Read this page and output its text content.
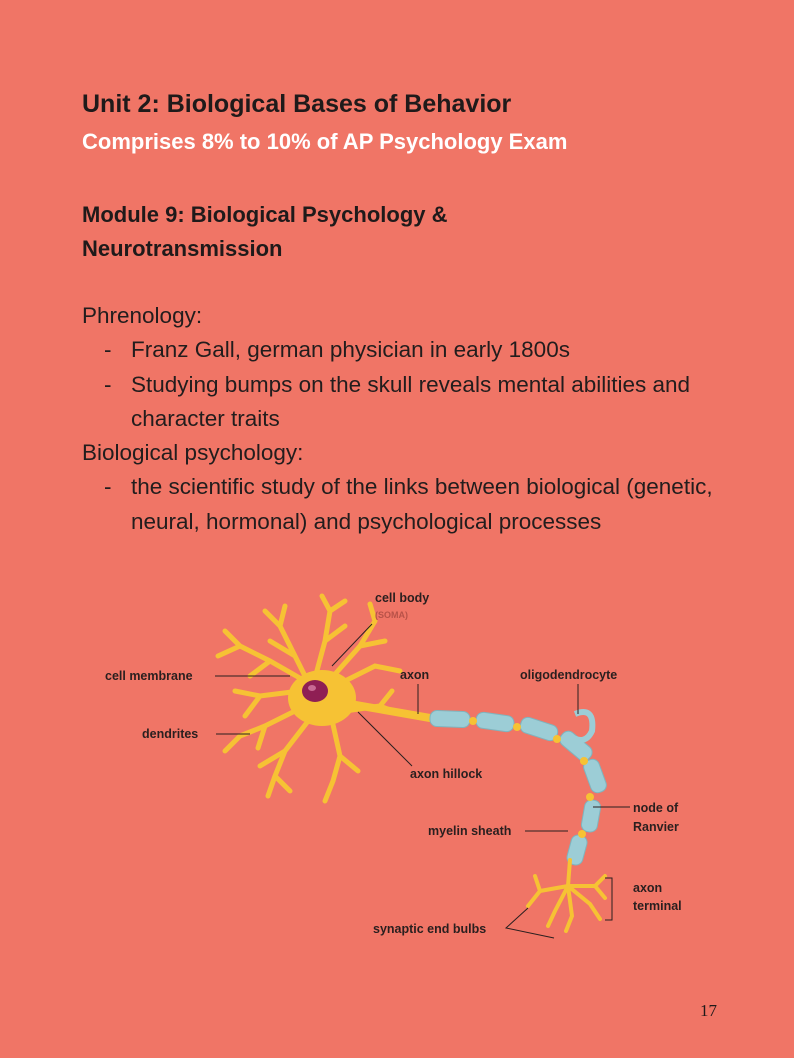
Unit 2: Biological Bases of Behavior
Comprises 8% to 10% of AP Psychology Exam
Module 9: Biological Psychology &
Neurotransmission

Phrenology:

- Franz Gall, german physician in early 1800s
- Studying bumps on the skull reveals mental abilities and character traits

Biological psychology:

- the scientific study of the links between biological (genetic, neural, hormonal) and psychological processes
cell body
(SOMA)
cell membrane	axon	oligodendrocyte
dendrites
axon hillock
node of
Ranvier
myelin sheath
axon
terminal
synaptic end bulbs
17
